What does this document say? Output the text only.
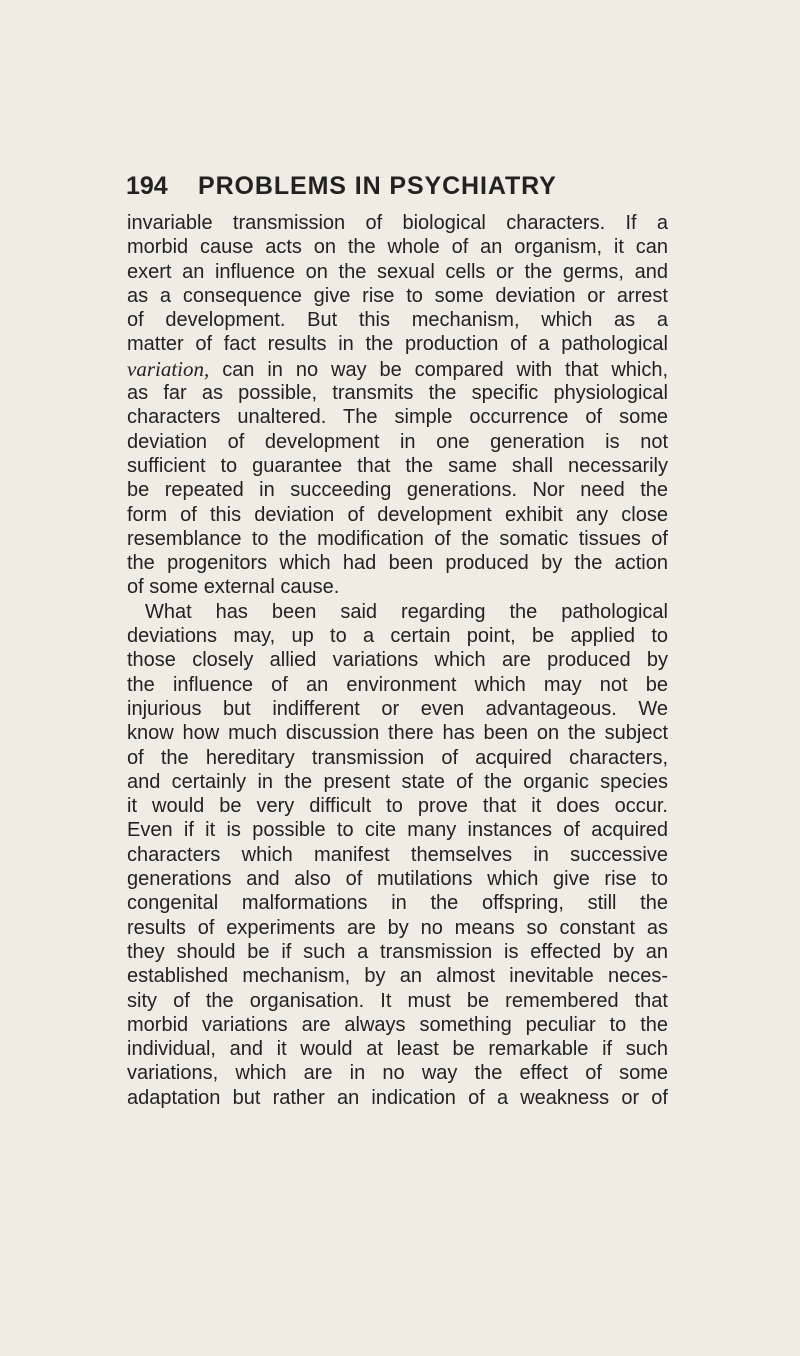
194 PROBLEMS IN PSYCHIATRY
invariable transmission of biological characters. If a
morbid cause acts on the whole of an organism, it can
exert an influence on the sexual cells or the germs, and
as a consequence give rise to some deviation or arrest
of development. But this mechanism, which as a
matter of fact results in the production of a pathological
variation, can in no way be compared with that which,
as far as possible, transmits the specific physiological
characters unaltered. The simple occurrence of some
deviation of development in one generation is not
sufficient to guarantee that the same shall necessarily
be repeated in succeeding generations. Nor need the
form of this deviation of development exhibit any close
resemblance to the modification of the somatic tissues of
the progenitors which had been produced by the action
of some external cause.
What has been said regarding the pathological
deviations may, up to a certain point, be applied to
those closely allied variations which are produced by
the influence of an environment which may not be
injurious but indifferent or even advantageous. We
know how much discussion there has been on the subject
of the hereditary transmission of acquired characters,
and certainly in the present state of the organic species
it would be very difficult to prove that it does occur.
Even if it is possible to cite many instances of acquired
characters which manifest themselves in successive
generations and also of mutilations which give rise to
congenital malformations in the offspring, still the
results of experiments are by no means so constant as
they should be if such a transmission is effected by an
established mechanism, by an almost inevitable neces-
sity of the organisation. It must be remembered that
morbid variations are always something peculiar to the
individual, and it would at least be remarkable if such
variations, which are in no way the effect of some
adaptation but rather an indication of a weakness or of
